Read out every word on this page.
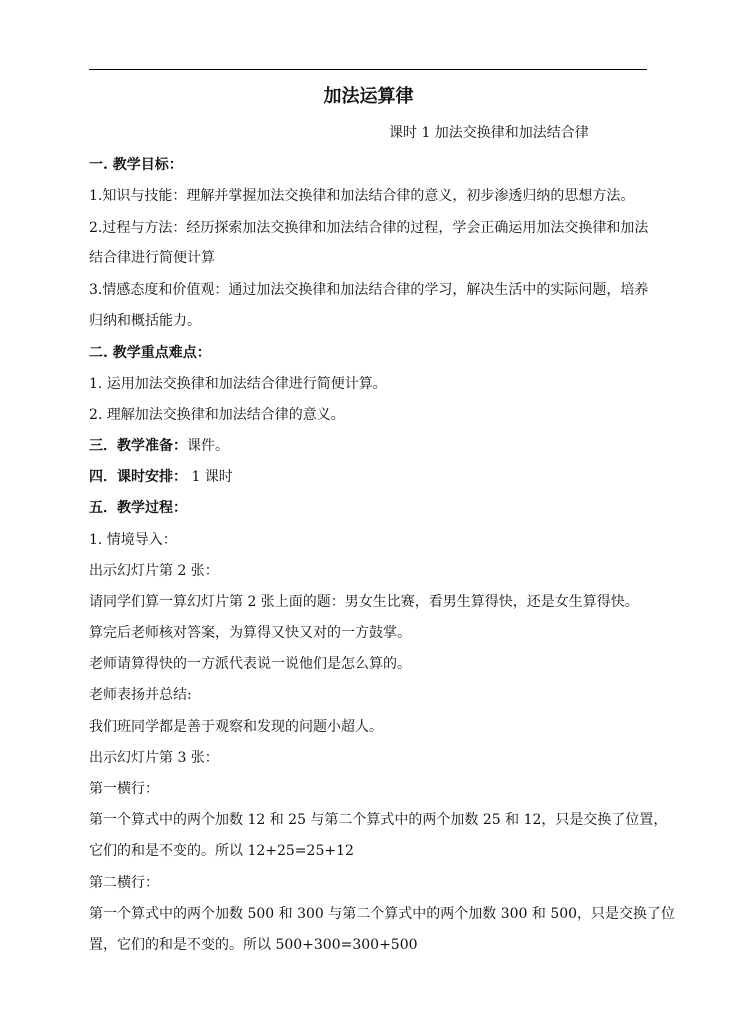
加法运算律
课时 1 加法交换律和加法结合律
一. 教学目标：
1.知识与技能：理解并掌握加法交换律和加法结合律的意义，初步渗透归纳的思想方法。
2.过程与方法：经历探索加法交换律和加法结合律的过程，学会正确运用加法交换律和加法
结合律进行简便计算
3.情感态度和价值观：通过加法交换律和加法结合律的学习，解决生活中的实际问题，培养
归纳和概括能力。
二. 教学重点难点：
1. 运用加法交换律和加法结合律进行简便计算。
2. 理解加法交换律和加法结合律的意义。
三．教学准备：课件。
四．课时安排： 1 课时
五．教学过程：
1. 情境导入：
出示幻灯片第 2 张：
请同学们算一算幻灯片第 2 张上面的题：男女生比赛，看男生算得快，还是女生算得快。
算完后老师核对答案，为算得又快又对的一方鼓掌。
老师请算得快的一方派代表说一说他们是怎么算的。
老师表扬并总结:
我们班同学都是善于观察和发现的问题小超人。
出示幻灯片第 3 张：
第一横行：
第一个算式中的两个加数 12 和 25 与第二个算式中的两个加数 25 和 12，只是交换了位置，
它们的和是不变的。所以 12+25=25+12
第二横行：
第一个算式中的两个加数 500 和 300 与第二个算式中的两个加数 300 和 500，只是交换了位
置，它们的和是不变的。所以 500+300=300+500
